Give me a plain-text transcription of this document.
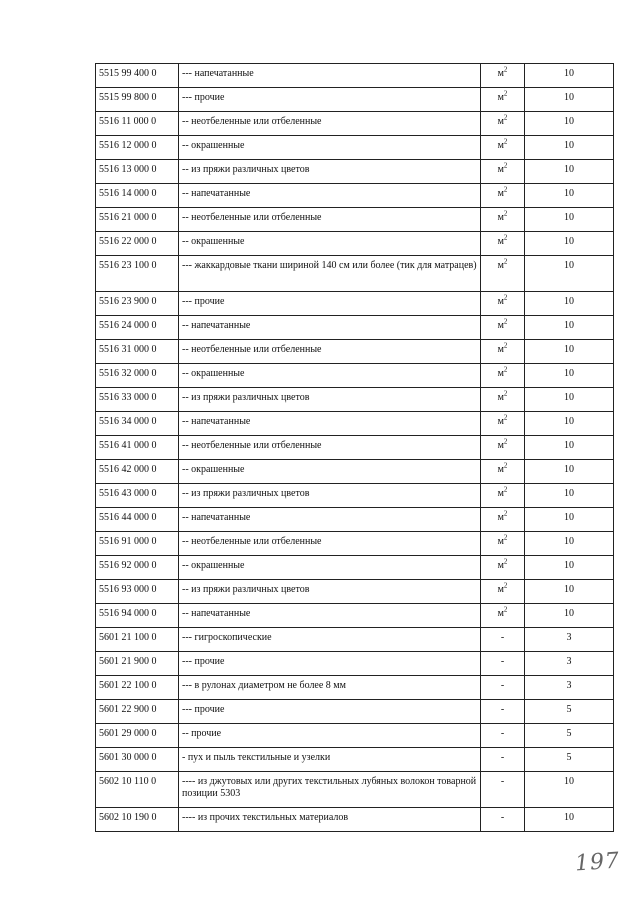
5515 99 400 0	--- напечатанные	$м^2$	10
5515 99 800 0	--- прочие	$м^2$	10
5516 11 000 0	-- неотбеленные или отбеленные	$м^2$	10
5516 12 000 0	-- окрашенные	$м^2$	10
5516 13 000 0	-- из пряжи различных цветов	$м^2$	10
5516 14 000 0	-- напечатанные	$м^2$	10
5516 21 000 0	-- неотбеленные или отбеленные	$м^2$	10
5516 22 000 0	-- окрашенные	$м^2$	10
5516 23 100 0	--- жаккардовые ткани шириной 140 см или более (тик для матрацев)	$м^2$	10
5516 23 900 0	--- прочие	$м^2$	10
5516 24 000 0	-- напечатанные	$м^2$	10
5516 31 000 0	-- неотбеленные или отбеленные	$м^2$	10
5516 32 000 0	-- окрашенные	$м^2$	10
5516 33 000 0	-- из пряжи различных цветов	$м^2$	10
5516 34 000 0	-- напечатанные	$м^2$	10
5516 41 000 0	-- неотбеленные или отбеленные	$м^2$	10
5516 42 000 0	-- окрашенные	$м^2$	10
5516 43 000 0	-- из пряжи различных цветов	$м^2$	10
5516 44 000 0	-- напечатанные	$м^2$	10
5516 91 000 0	-- неотбеленные или отбеленные	$м^2$	10
5516 92 000 0	-- окрашенные	$м^2$	10
5516 93 000 0	-- из пряжи различных цветов	$м^2$	10
5516 94 000 0	-- напечатанные	$м^2$	10
5601 21 100 0	--- гигроскопические	-	3
5601 21 900 0	--- прочие	-	3
5601 22 100 0	--- в рулонах диаметром не более 8 мм	-	3
5601 22 900 0	--- прочие	-	5
5601 29 000 0	-- прочие	-	5
5601 30 000 0	- пух и пыль текстильные и узелки	-	5
5602 10 110 0	---- из джутовых или других текстильных лубяных волокон товарной позиции 5303	-	10
5602 10 190 0	---- из прочих текстильных материалов	-	10
197
